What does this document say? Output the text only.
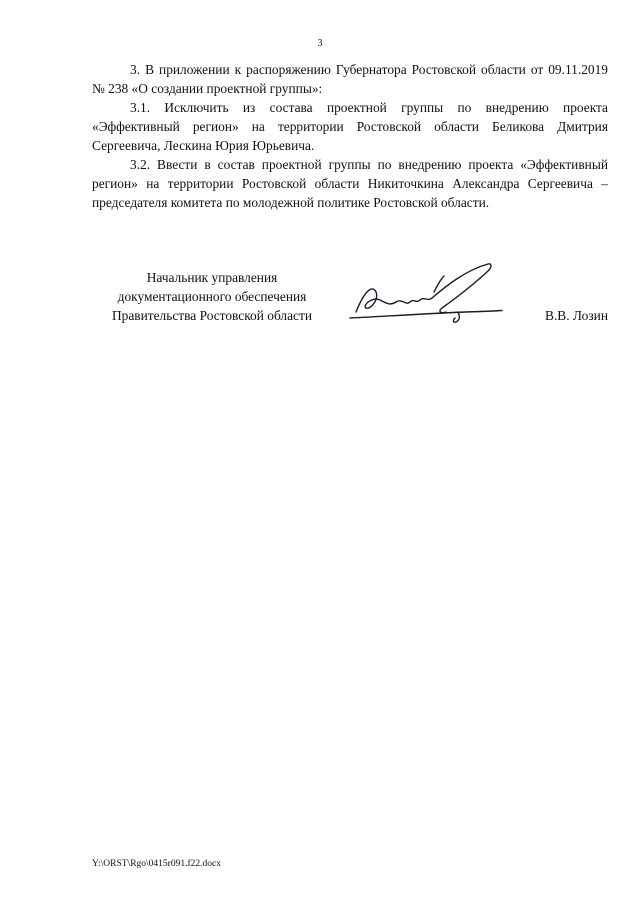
3

3. В приложении к распоряжению Губернатора Ростовской области от 09.11.2019 № 238 «О создании проектной группы»:

3.1. Исключить из состава проектной группы по внедрению проекта «Эффективный регион» на территории Ростовской области Беликова Дмитрия Сергеевича, Лескина Юрия Юрьевича.

3.2. Ввести в состав проектной группы по внедрению проекта «Эффективный регион» на территории Ростовской области Никиточкина Александра Сергеевича – председателя комитета по молодежной политике Ростовской области.

Начальник управления
документационного обеспечения
Правительства Ростовской области	В.В. Лозин
Y:\ORST\Rgo\0415r091.f22.docx
